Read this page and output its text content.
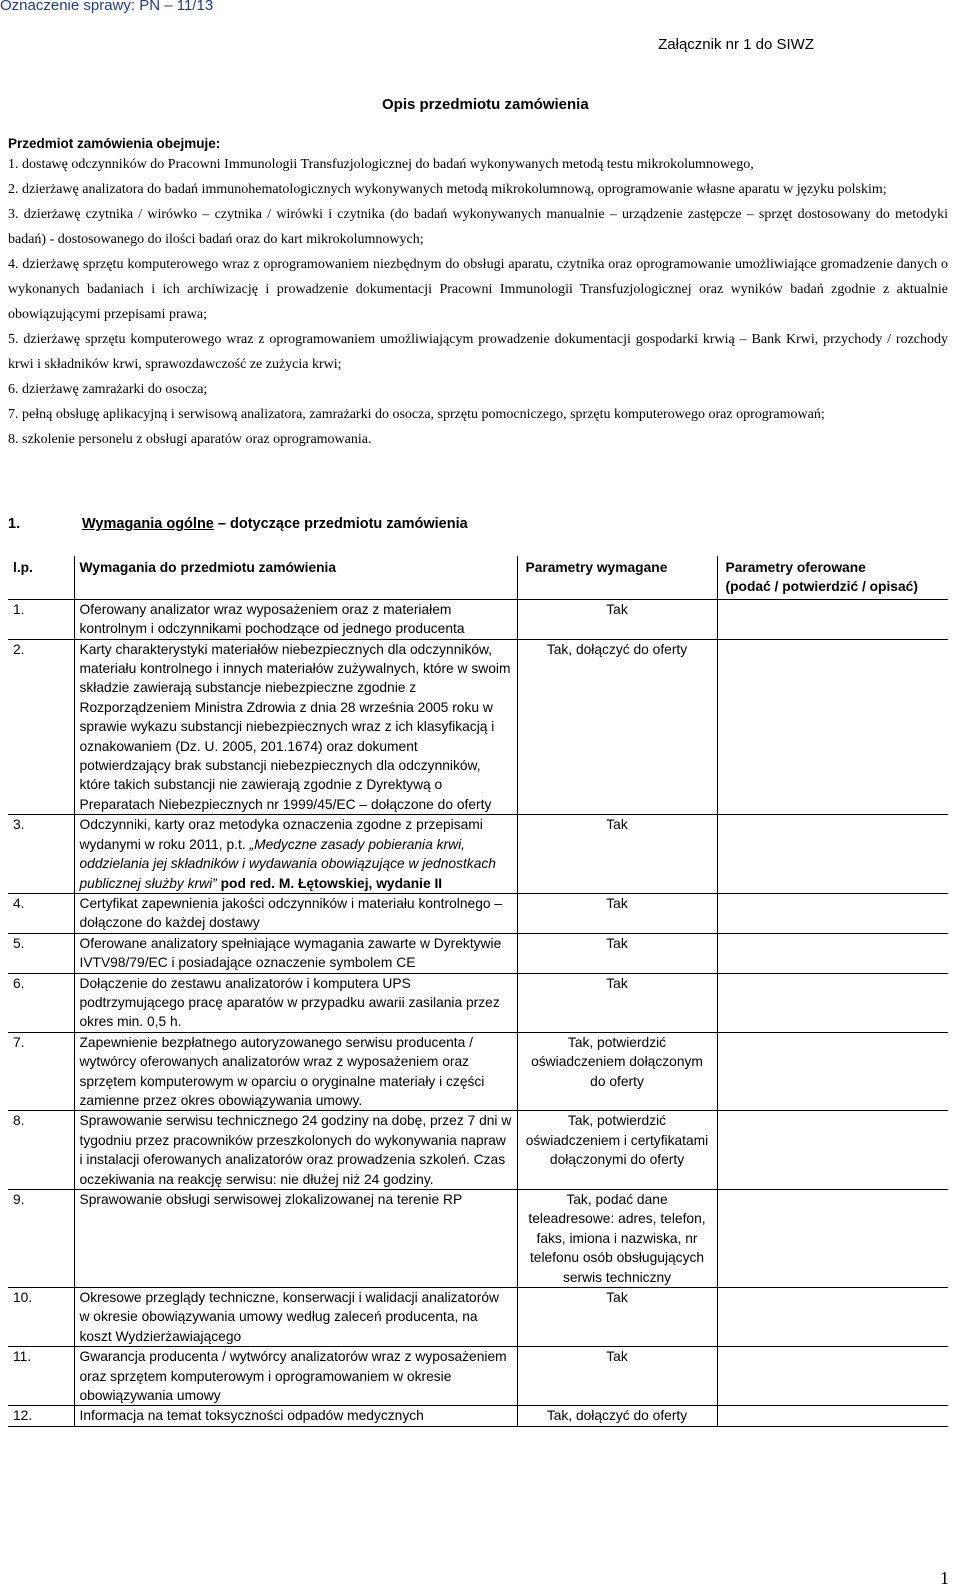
Oznaczenie sprawy: PN – 11/13
Załącznik nr 1 do SIWZ
Opis przedmiotu zamówienia
Przedmiot zamówienia obejmuje:
1. dostawę odczynników do Pracowni Immunologii Transfuzjologicznej do badań wykonywanych metodą testu mikrokolumnowego,
2. dzierżawę analizatora do badań immunohematologicznych wykonywanych metodą mikrokolumnową, oprogramowanie własne aparatu w języku polskim;
3. dzierżawę czytnika / wirówko – czytnika / wirówki i czytnika (do badań wykonywanych manualnie – urządzenie zastępcze – sprzęt dostosowany do metodyki badań) - dostosowanego do ilości badań oraz do kart mikrokolumnowych;
4. dzierżawę sprzętu komputerowego wraz z oprogramowaniem niezbędnym do obsługi aparatu, czytnika oraz oprogramowanie umożliwiające gromadzenie danych o wykonanych badaniach i ich archiwizację i prowadzenie dokumentacji Pracowni Immunologii Transfuzjologicznej oraz wyników badań zgodnie z aktualnie obowiązującymi przepisami prawa;
5. dzierżawę sprzętu komputerowego wraz z oprogramowaniem umożliwiającym prowadzenie dokumentacji gospodarki krwią – Bank Krwi, przychody / rozchody krwi i składników krwi, sprawozdawczość ze zużycia krwi;
6. dzierżawę zamrażarki do osocza;
7. pełną obsługę aplikacyjną i serwisową analizatora, zamrażarki do osocza, sprzętu pomocniczego, sprzętu komputerowego oraz oprogramowań;
8. szkolenie personelu z obsługi aparatów oraz oprogramowania.
1.	Wymagania ogólne – dotyczące przedmiotu zamówienia
l.p.	Wymagania do przedmiotu zamówienia	Parametry wymagane	Parametry oferowane
(podać / potwierdzić / opisać)
1.	Oferowany analizator wraz wyposażeniem oraz z materiałem kontrolnym i odczynnikami pochodzące od jednego producenta	Tak	
2.	Karty charakterystyki materiałów niebezpiecznych dla odczynników, materiału kontrolnego i innych materiałów zużywalnych, które w swoim składzie zawierają substancje niebezpieczne zgodnie z Rozporządzeniem Ministra Zdrowia z dnia 28 września 2005 roku w sprawie wykazu substancji niebezpiecznych wraz z ich klasyfikacją i oznakowaniem (Dz. U. 2005, 201.1674) oraz dokument potwierdzający brak substancji niebezpiecznych dla odczynników, które takich substancji nie zawierają zgodnie z Dyrektywą o Preparatach Niebezpiecznych nr 1999/45/EC – dołączone do oferty	Tak, dołączyć do oferty	
3.	Odczynniki, karty oraz metodyka oznaczenia zgodne z przepisami wydanymi w roku 2011, p.t. „Medyczne zasady pobierania krwi, oddzielania jej składników i wydawania obowiązujące w jednostkach publicznej służby krwi” pod red. M. Łętowskiej, wydanie II	Tak	
4.	Certyfikat zapewnienia jakości odczynników i materiału kontrolnego – dołączone do każdej dostawy	Tak	
5.	Oferowane analizatory spełniające wymagania zawarte w Dyrektywie IVTV98/79/EC i posiadające oznaczenie symbolem CE	Tak	
6.	Dołączenie do zestawu analizatorów i komputera UPS podtrzymującego pracę aparatów w przypadku awarii zasilania przez okres min. 0,5 h.	Tak	
7.	Zapewnienie bezpłatnego autoryzowanego serwisu producenta / wytwórcy oferowanych analizatorów wraz z wyposażeniem oraz sprzętem komputerowym w oparciu o oryginalne materiały i części zamienne przez okres obowiązywania umowy.	Tak, potwierdzić oświadczeniem dołączonym do oferty	
8.	Sprawowanie serwisu technicznego 24 godziny na dobę, przez 7 dni w tygodniu przez pracowników przeszkolonych do wykonywania napraw i instalacji oferowanych analizatorów oraz prowadzenia szkoleń. Czas oczekiwania na reakcję serwisu: nie dłużej niż 24 godziny.	Tak, potwierdzić oświadczeniem i certyfikatami dołączonymi do oferty	
9.	Sprawowanie obsługi serwisowej zlokalizowanej na terenie RP	Tak, podać dane teleadresowe: adres, telefon, faks, imiona i nazwiska, nr telefonu osób obsługujących serwis techniczny	
10.	Okresowe przeglądy techniczne, konserwacji i walidacji analizatorów w okresie obowiązywania umowy według zaleceń producenta, na koszt Wydzierżawiającego	Tak	
11.	Gwarancja producenta / wytwórcy analizatorów wraz z wyposażeniem oraz sprzętem komputerowym i oprogramowaniem w okresie obowiązywania umowy	Tak	
12.	Informacja na temat toksyczności odpadów medycznych	Tak, dołączyć do oferty	
1
